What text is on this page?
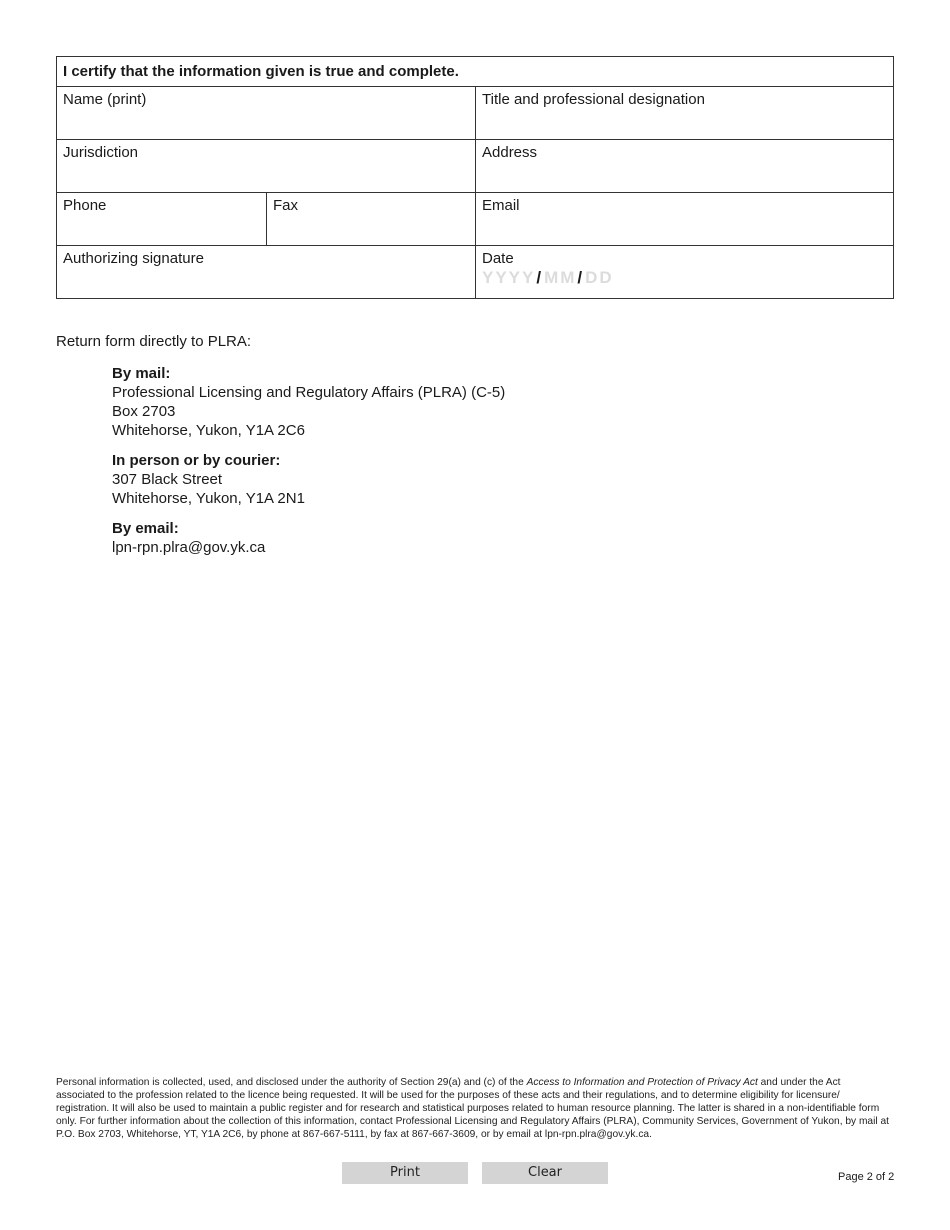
I certify that the information given is true and complete.
Name (print)	Title and professional designation
Jurisdiction	Address
Phone	Fax	Email
Authorizing signature	Date
YYYY / MM / DD
Return form directly to PLRA:
By mail:
Professional Licensing and Regulatory Affairs (PLRA) (C-5)
Box 2703
Whitehorse, Yukon, Y1A 2C6
In person or by courier:
307 Black Street
Whitehorse, Yukon, Y1A 2N1
By email:
lpn-rpn.plra@gov.yk.ca
Personal information is collected, used, and disclosed under the authority of Section 29(a) and (c) of the Access to Information and Protection of Privacy Act and under the Act associated to the profession related to the licence being requested. It will be used for the purposes of these acts and their regulations, and to determine eligibility for licensure/ registration. It will also be used to maintain a public register and for research and statistical purposes related to human resource planning. The latter is shared in a non-identifiable form only. For further information about the collection of this information, contact Professional Licensing and Regulatory Affairs (PLRA), Community Services, Government of Yukon, by mail at P.O. Box 2703, Whitehorse, YT, Y1A 2C6, by phone at 867-667-5111, by fax at 867-667-3609, or by email at lpn-rpn.plra@gov.yk.ca.
Print	Clear	Page 2 of 2
